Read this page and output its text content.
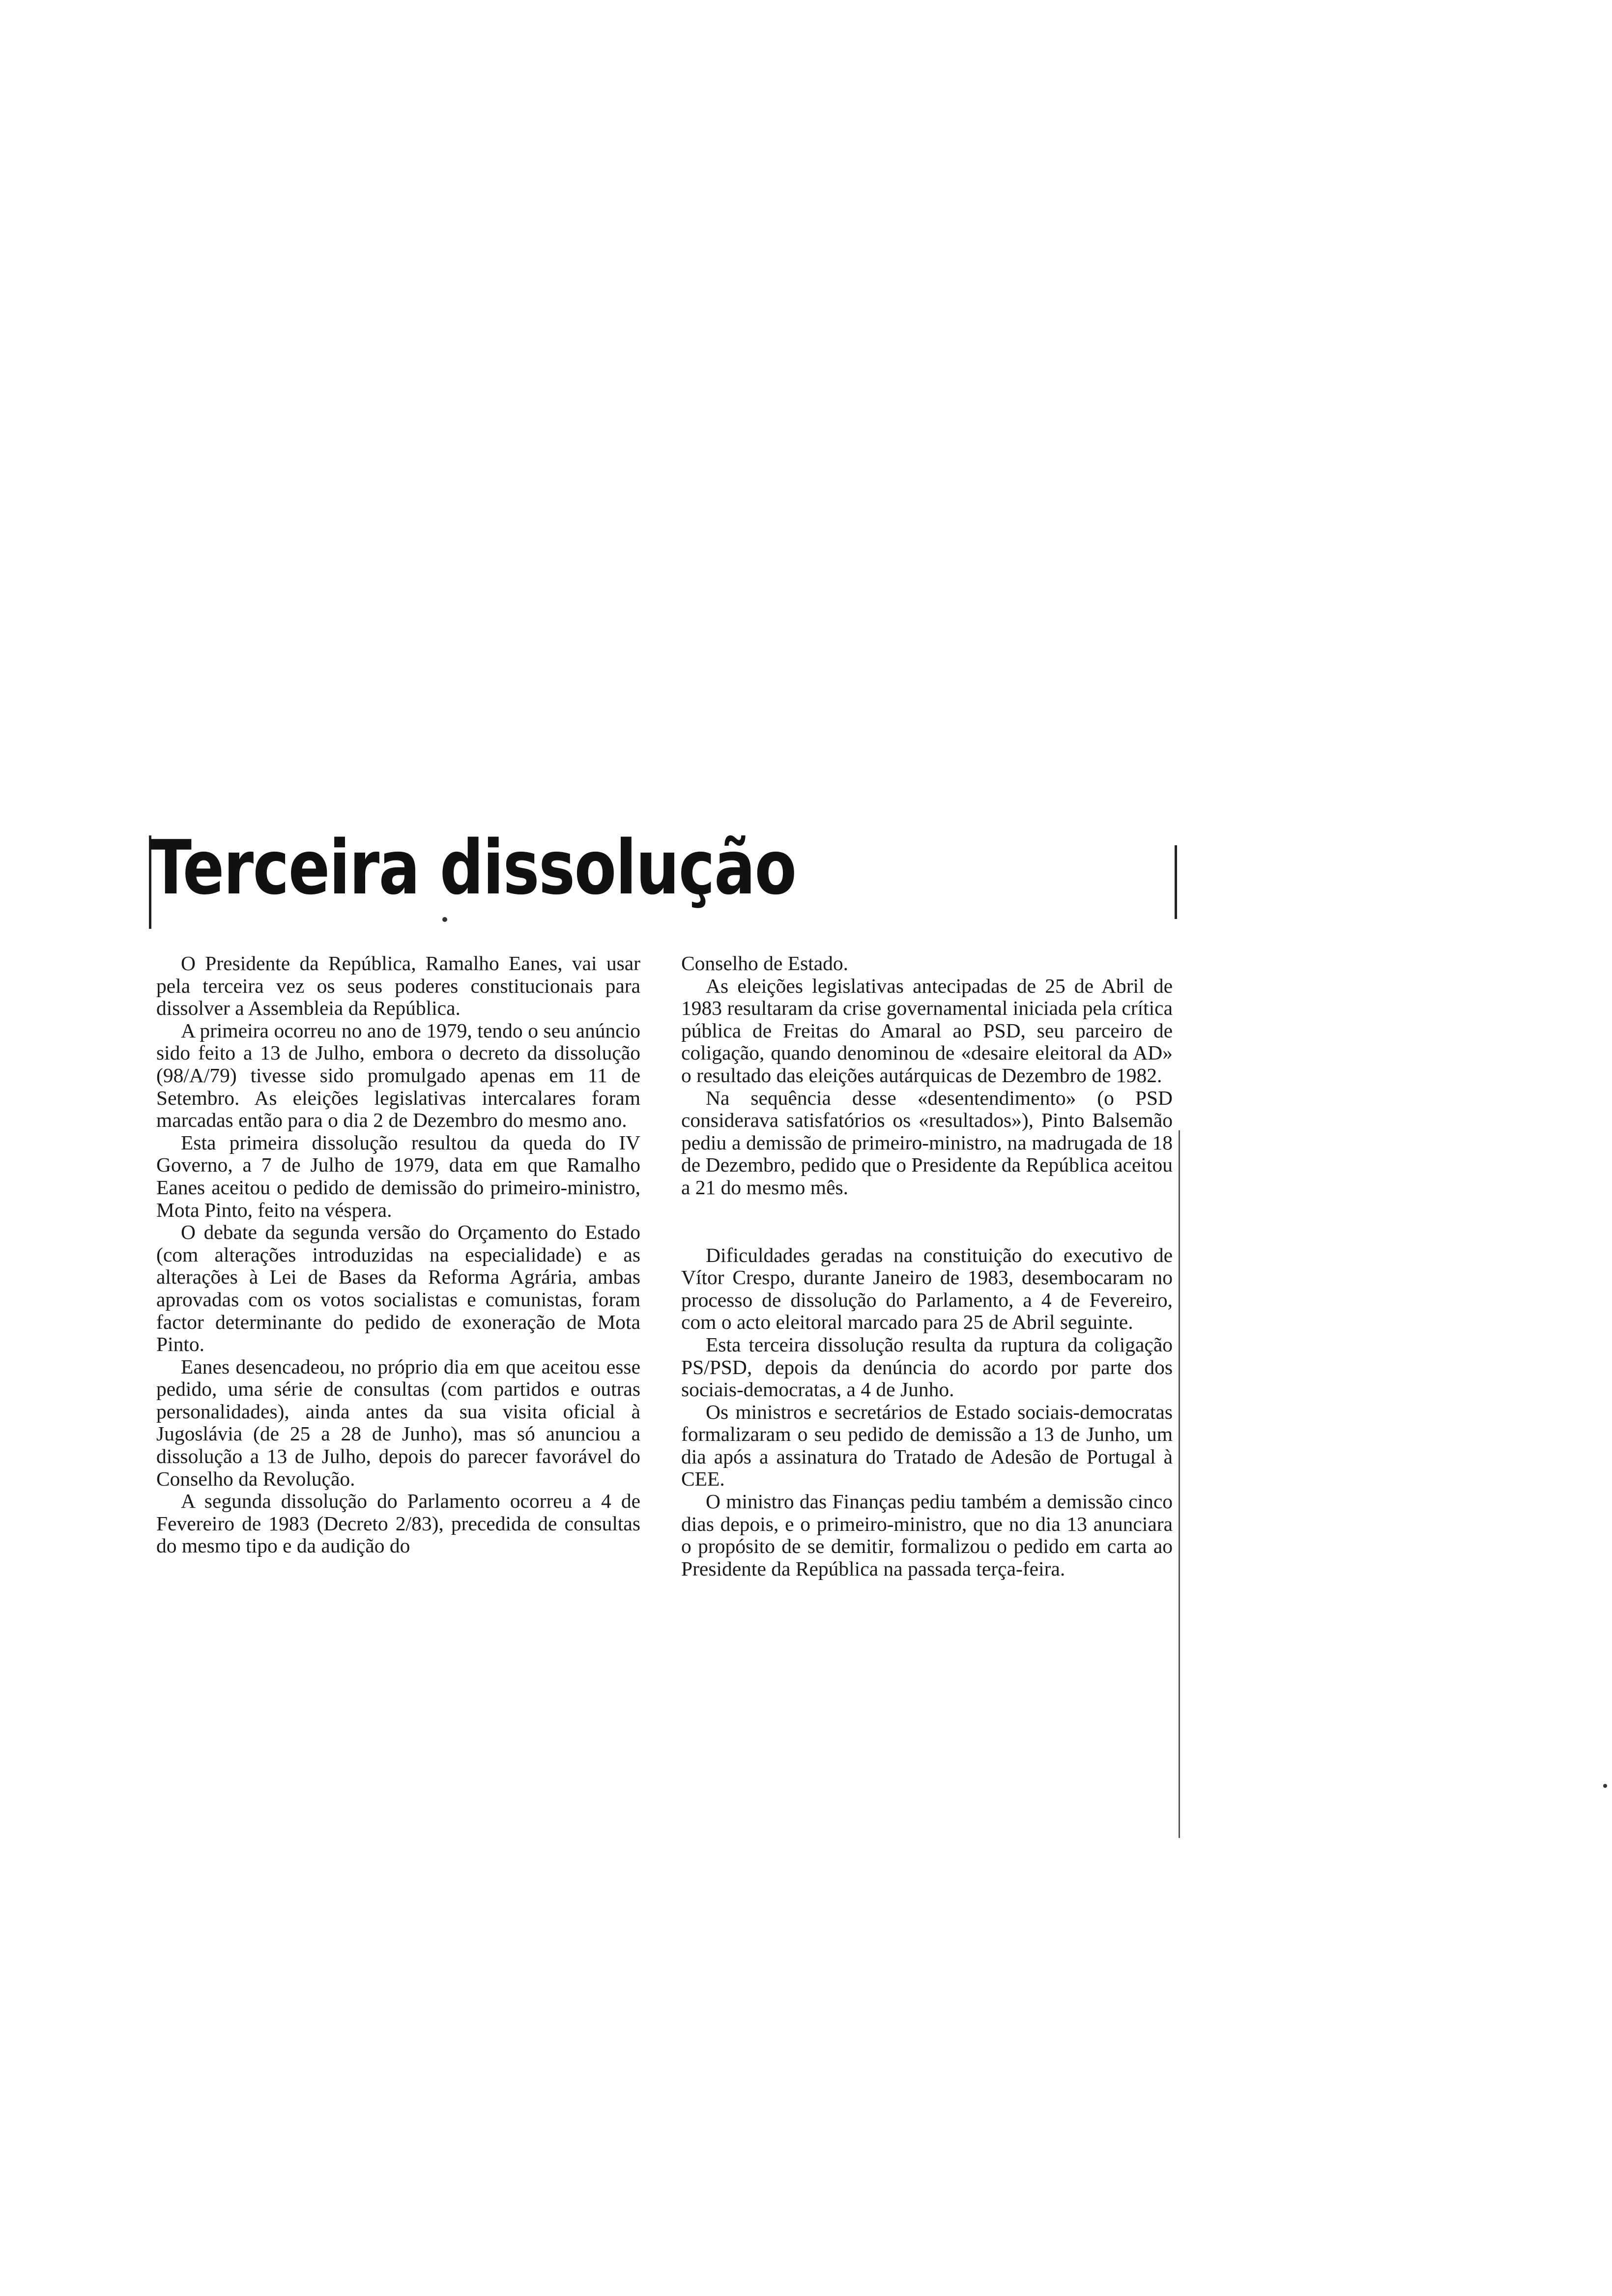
Terceira dissolução

O Presidente da República, Ramalho Eanes, vai usar pela terceira vez os seus poderes constitucionais para dissolver a Assembleia da República.

A primeira ocorreu no ano de 1979, tendo o seu anúncio sido feito a 13 de Julho, embora o decreto da dissolução (98/A/79) tivesse sido promulgado apenas em 11 de Setembro. As eleições legislativas intercalares foram marcadas então para o dia 2 de Dezembro do mesmo ano.

Esta primeira dissolução resultou da queda do IV Governo, a 7 de Julho de 1979, data em que Ramalho Eanes aceitou o pedido de demissão do primeiro-ministro, Mota Pinto, feito na véspera.

O debate da segunda versão do Orçamento do Estado (com alterações introduzidas na especialidade) e as alterações à Lei de Bases da Reforma Agrária, ambas aprovadas com os votos socialistas e comunistas, foram factor determinante do pedido de exoneração de Mota Pinto.

Eanes desencadeou, no próprio dia em que aceitou esse pedido, uma série de consultas (com partidos e outras personalidades), ainda antes da sua visita oficial à Jugoslávia (de 25 a 28 de Junho), mas só anunciou a dissolução a 13 de Julho, depois do parecer favorável do Conselho da Revolução.

A segunda dissolução do Parlamento ocorreu a 4 de Fevereiro de 1983 (Decreto 2/83), precedida de consultas do mesmo tipo e da audição do

Conselho de Estado.

As eleições legislativas antecipadas de 25 de Abril de 1983 resultaram da crise governamental iniciada pela crítica pública de Freitas do Amaral ao PSD, seu parceiro de coligação, quando denominou de «desaire eleitoral da AD» o resultado das eleições autárquicas de Dezembro de 1982.

Na sequência desse «desentendimento» (o PSD considerava satisfatórios os «resultados»), Pinto Balsemão pediu a demissão de primeiro-ministro, na madrugada de 18 de Dezembro, pedido que o Presidente da República aceitou a 21 do mesmo mês.

Dificuldades geradas na constituição do executivo de Vítor Crespo, durante Janeiro de 1983, desembocaram no processo de dissolução do Parlamento, a 4 de Fevereiro, com o acto eleitoral marcado para 25 de Abril seguinte.

Esta terceira dissolução resulta da ruptura da coligação PS/PSD, depois da denúncia do acordo por parte dos sociais-democratas, a 4 de Junho.

Os ministros e secretários de Estado sociais-democratas formalizaram o seu pedido de demissão a 13 de Junho, um dia após a assinatura do Tratado de Adesão de Portugal à CEE.

O ministro das Finanças pediu também a demissão cinco dias depois, e o primeiro-ministro, que no dia 13 anunciara o propósito de se demitir, formalizou o pedido em carta ao Presidente da República na passada terça-feira.
